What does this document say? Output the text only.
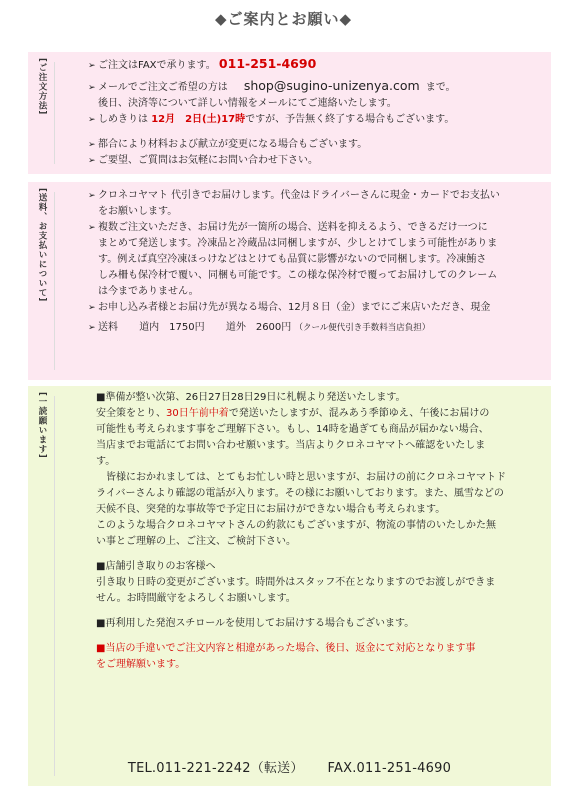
◆ご案内とお願い◆
[ご注文方法]	➢ ご注文はFAXで承ります。 011-251-4690
➢ メールでご注文ご希望の方は shop@sugino-unizenya.com まで。
後日、決済等について詳しい情報をメールにてご連絡いたします。
➢ しめきりは 12月　2日(土)17時ですが、予告無く終了する場合もございます。
➢ 都合により材料および献立が変更になる場合もございます。
➢ ご要望、ご質問はお気軽にお問い合わせ下さい。
[送料、お支払いについて]	➢ クロネコヤマト 代引きでお届けします。代金はドライバーさんに現金・カードでお支払い
をお願いします。
➢ 複数ご注文いただき、お届け先が一箇所の場合、送料を抑えるよう、できるだけ一つに
まとめて発送します。冷凍品と冷蔵品は同梱しますが、少しとけてしまう可能性がありま
す。例えば真空冷凍ほっけなどはとけても品質に影響がないので同梱します。冷凍鮪さ
しみ柵も保冷材で覆い、同梱も可能です。この様な保冷材で覆ってお届けしてのクレーム
は今までありません。
➢ お申し込み者様とお届け先が異なる場合、12月８日（金）までにご来店いただき、現金
➢ 送料 道内　1750円 道外　2600円 （クール便代引き手数料当店負担）
[一読願います]	■準備が整い次第、26日27日28日29日に札幌より発送いたします。
安全策をとり、30日午前中着で発送いたしますが、混みあう季節ゆえ、午後にお届けの
可能性も考えられます事をご理解下さい。もし、14時を過ぎても商品が届かない場合、
当店までお電話にてお問い合わせ願います。当店よりクロネコヤマトへ確認をいたしま
す。
皆様におかれましては、とてもお忙しい時と思いますが、お届けの前にクロネコヤマトド
ライバーさんより確認の電話が入ります。その様にお願いしております。また、風雪などの
天候不良、突発的な事故等で予定日にお届けができない場合も考えられます。
このような場合クロネコヤマトさんの約款にもございますが、物流の事情のいたしかた無
い事とご理解の上、ご注文、ご検討下さい。
■店舗引き取りのお客様へ
引き取り日時の変更がございます。時間外はスタッフ不在となりますのでお渡しができま
せん。お時間厳守をよろしくお願いします。
■再利用した発泡スチロールを使用してお届けする場合もございます。
■当店の手違いでご注文内容と相違があった場合、後日、返金にて対応となります事
をご理解願います。
TEL.011-221-2242（転送） FAX.011-251-4690
